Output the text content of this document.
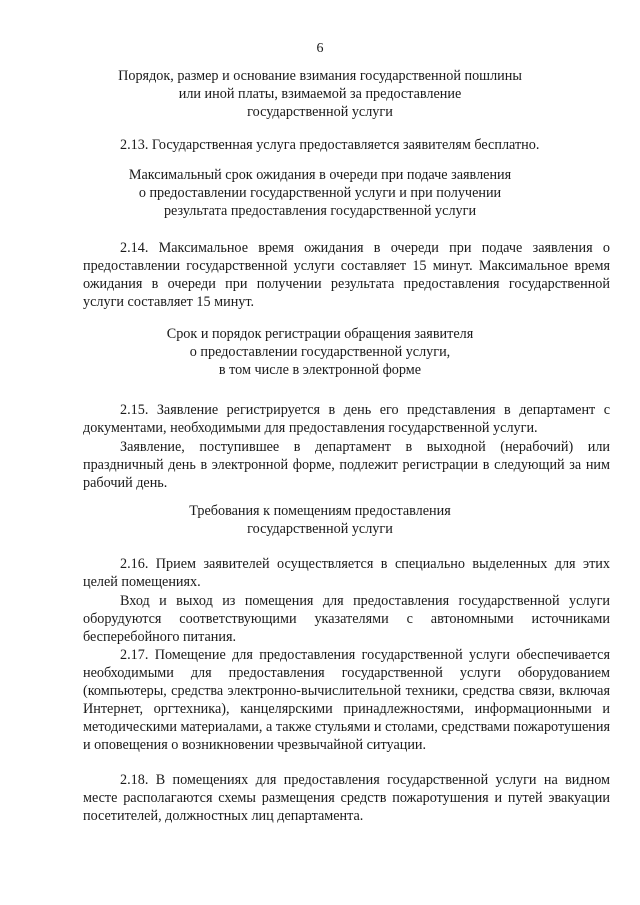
6
Порядок, размер и основание взимания государственной пошлины
или иной платы, взимаемой за предоставление
государственной услуги

2.13. Государственная услуга предоставляется заявителям бесплатно.

Максимальный срок ожидания в очереди при подаче заявления
о предоставлении государственной услуги и при получении
результата предоставления государственной услуги

2.14. Максимальное время ожидания в очереди при подаче заявления о предоставлении государственной услуги составляет 15 минут. Максимальное время ожидания в очереди при получении результата предоставления государственной услуги составляет 15 минут.

Срок и порядок регистрации обращения заявителя
о предоставлении государственной услуги,
в том числе в электронной форме

2.15. Заявление регистрируется в день его представления в департамент с документами, необходимыми для предоставления государственной услуги.

Заявление, поступившее в департамент в выходной (нерабочий) или праздничный день в электронной форме, подлежит регистрации в следующий за ним рабочий день.

Требования к помещениям предоставления
государственной услуги

2.16. Прием заявителей осуществляется в специально выделенных для этих целей помещениях.

Вход и выход из помещения для предоставления государственной услуги оборудуются соответствующими указателями с автономными источниками бесперебойного питания.

2.17. Помещение для предоставления государственной услуги обеспечивается необходимыми для предоставления государственной услуги оборудованием (компьютеры, средства электронно-вычислительной техники, средства связи, включая Интернет, оргтехника), канцелярскими принадлежностями, информационными и методическими материалами, а также стульями и столами, средствами пожаротушения и оповещения о возникновении чрезвычайной ситуации.

2.18. В помещениях для предоставления государственной услуги на видном месте располагаются схемы размещения средств пожаротушения и путей эвакуации посетителей, должностных лиц департамента.
